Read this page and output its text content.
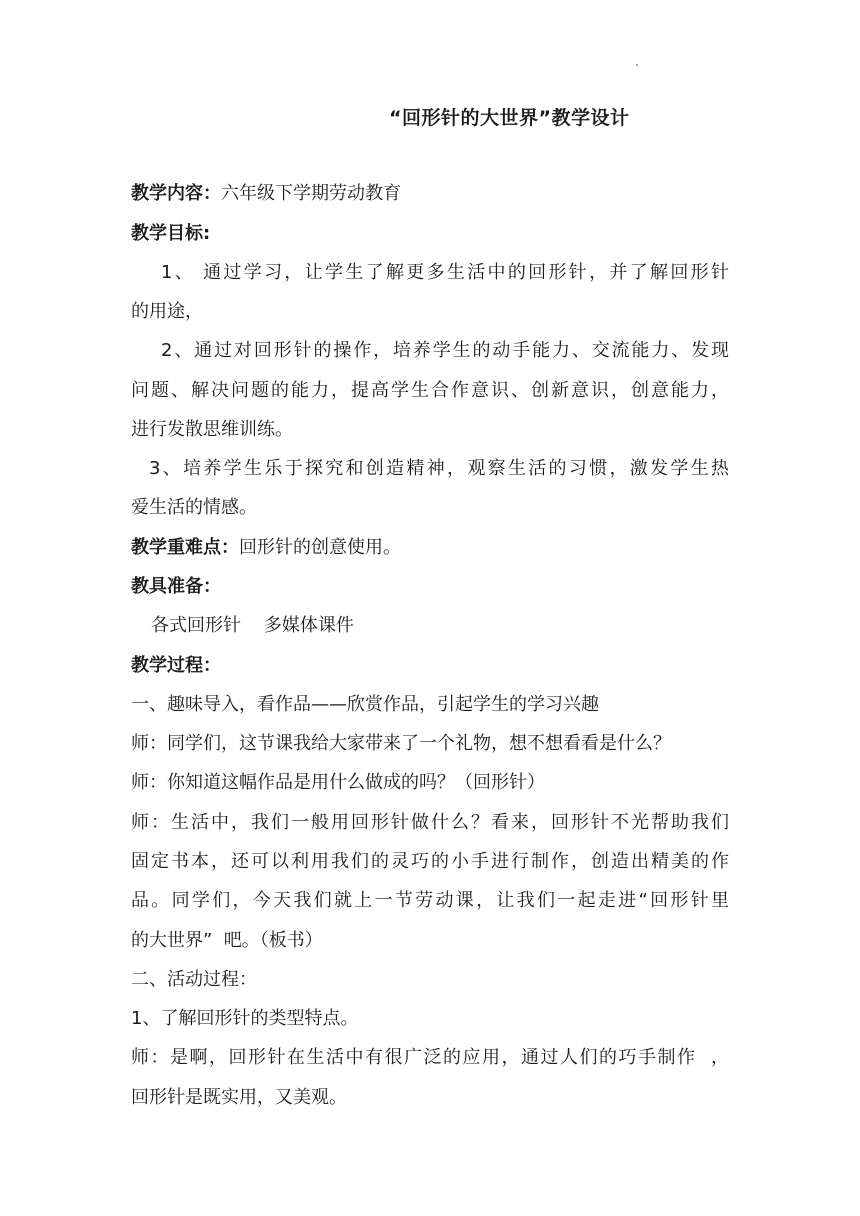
“回形针的大世界”教学设计
教学内容：六年级下学期劳动教育
教学目标:
1、 通过学习，让学生了解更多生活中的回形针，并了解回形针
的用途，
2、通过对回形针的操作，培养学生的动手能力、交流能力、发现
问题、解决问题的能力，提高学生合作意识、创新意识，创意能力，
进行发散思维训练。
3、培养学生乐于探究和创造精神，观察生活的习惯，激发学生热
爱生活的情感。
教学重难点：回形针的创意使用。
教具准备：
各式回形针    多媒体课件
教学过程：
一、趣味导入，看作品——欣赏作品，引起学生的学习兴趣
师：同学们，这节课我给大家带来了一个礼物，想不想看看是什么？
师：你知道这幅作品是用什么做成的吗？（回形针）
师：生活中，我们一般用回形针做什么？看来，回形针不光帮助我们
固定书本，还可以利用我们的灵巧的小手进行制作，创造出精美的作
品。同学们，今天我们就上一节劳动课，让我们一起走进“回形针里
的大世界”  吧。（板书）
二、活动过程：
1、了解回形针的类型特点。
师：是啊，回形针在生活中有很广泛的应用，通过人们的巧手制作  ，
回形针是既实用，又美观。
